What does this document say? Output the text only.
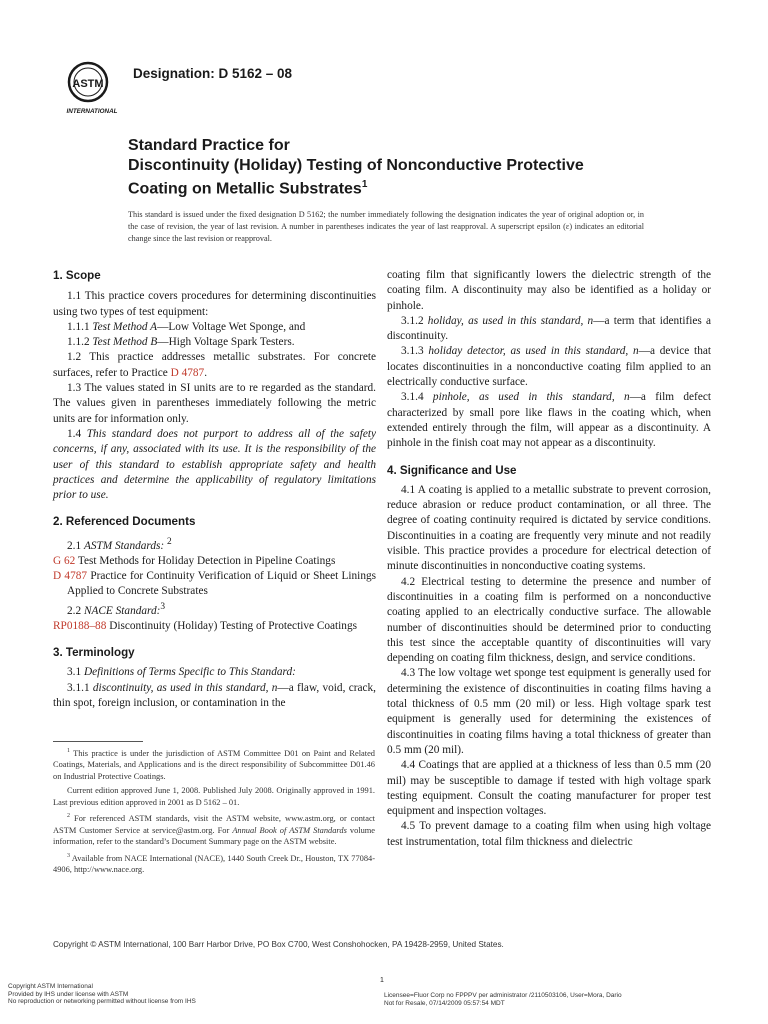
ASTM
INTERNATIONAL
Designation: D 5162 – 08
Standard Practice for
Discontinuity (Holiday) Testing of Nonconductive Protective
Coating on Metallic Substrates$^1$
This standard is issued under the fixed designation D 5162; the number immediately following the designation indicates the year of original adoption or, in the case of revision, the year of last revision. A number in parentheses indicates the year of last reapproval. A superscript epsilon (ε) indicates an editorial change since the last revision or reapproval.
1. Scope

1.1 This practice covers procedures for determining discontinuities using two types of test equipment:

1.1.1 Test Method A—Low Voltage Wet Sponge, and

1.1.2 Test Method B—High Voltage Spark Testers.

1.2 This practice addresses metallic substrates. For concrete surfaces, refer to Practice D 4787.

1.3 The values stated in SI units are to re regarded as the standard. The values given in parentheses immediately following the metric units are for information only.

1.4 This standard does not purport to address all of the safety concerns, if any, associated with its use. It is the responsibility of the user of this standard to establish appropriate safety and health practices and determine the applicability of regulatory limitations prior to use.

2. Referenced Documents

2.1 ASTM Standards: $^2$

G 62 Test Methods for Holiday Detection in Pipeline Coatings

D 4787 Practice for Continuity Verification of Liquid or Sheet Linings Applied to Concrete Substrates

2.2 NACE Standard:$^3$

RP0188–88 Discontinuity (Holiday) Testing of Protective Coatings

3. Terminology

3.1 Definitions of Terms Specific to This Standard:

3.1.1 discontinuity, as used in this standard, n—a flaw, void, crack, thin spot, foreign inclusion, or contamination in the

$^1$ This practice is under the jurisdiction of ASTM Committee D01 on Paint and Related Coatings, Materials, and Applications and is the direct responsibility of Subcommittee D01.46 on Industrial Protective Coatings.

Current edition approved June 1, 2008. Published July 2008. Originally approved in 1991. Last previous edition approved in 2001 as D 5162 – 01.

$^2$ For referenced ASTM standards, visit the ASTM website, www.astm.org, or contact ASTM Customer Service at service@astm.org. For Annual Book of ASTM Standards volume information, refer to the standard’s Document Summary page on the ASTM website.

$^3$ Available from NACE International (NACE), 1440 South Creek Dr., Houston, TX 77084-4906, http://www.nace.org.

coating film that significantly lowers the dielectric strength of the coating film. A discontinuity may also be identified as a holiday or pinhole.

3.1.2 holiday, as used in this standard, n—a term that identifies a discontinuity.

3.1.3 holiday detector, as used in this standard, n—a device that locates discontinuities in a nonconductive coating film applied to an electrically conductive surface.

3.1.4 pinhole, as used in this standard, n—a film defect characterized by small pore like flaws in the coating which, when extended entirely through the film, will appear as a discontinuity. A pinhole in the finish coat may not appear as a discontinuity.

4. Significance and Use

4.1 A coating is applied to a metallic substrate to prevent corrosion, reduce abrasion or reduce product contamination, or all three. The degree of coating continuity required is dictated by service conditions. Discontinuities in a coating are frequently very minute and not readily visible. This practice provides a procedure for electrical detection of minute discontinuities in nonconductive coating systems.

4.2 Electrical testing to determine the presence and number of discontinuities in a coating film is performed on a nonconductive coating applied to an electrically conductive surface. The allowable number of discontinuities should be determined prior to conducting this test since the acceptable quantity of discontinuities will vary depending on coating film thickness, design, and service conditions.

4.3 The low voltage wet sponge test equipment is generally used for determining the existence of discontinuities in coating films having a total thickness of 0.5 mm (20 mil) or less. High voltage spark test equipment is generally used for determining the existences of discontinuities in coating films having a total thickness of greater than 0.5 mm (20 mil).

4.4 Coatings that are applied at a thickness of less than 0.5 mm (20 mil) may be susceptible to damage if tested with high voltage spark testing equipment. Consult the coating manufacturer for proper test equipment and inspection voltages.

4.5 To prevent damage to a coating film when using high voltage test instrumentation, total film thickness and dielectric

Copyright © ASTM International, 100 Barr Harbor Drive, PO Box C700, West Conshohocken, PA 19428-2959, United States.
1
Copyright ASTM International
Provided by IHS under license with ASTM
No reproduction or networking permitted without license from IHS
Licensee=Fluor Corp no FPPPV per administrator /2110503106, User=Mora, Dario
Not for Resale, 07/14/2009 05:57:54 MDT
